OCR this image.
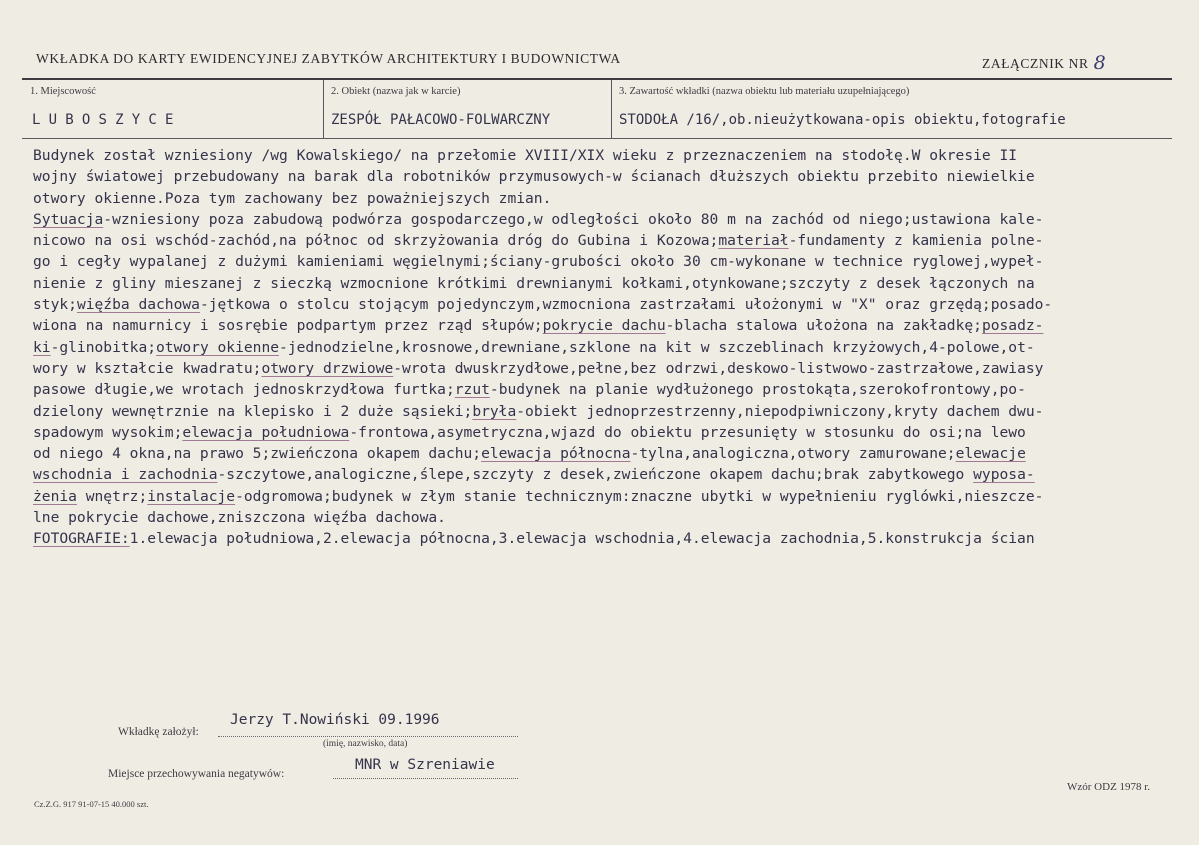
WKŁADKA DO KARTY EWIDENCYJNEJ ZABYTKÓW ARCHITEKTURY I BUDOWNICTWA	ZAŁĄCZNIK NR 8
1. Miejscowość
LUBOSZYCE
2. Obiekt (nazwa jak w karcie)
ZESPÓŁ PAŁACOWO-FOLWARCZNY
3. Zawartość wkładki (nazwa obiektu lub materiału uzupełniającego)
STODOŁA /16/,ob.nieużytkowana-opis obiektu,fotografie
Budynek został wzniesiony /wg Kowalskiego/ na przełomie XVIII/XIX wieku z przeznaczeniem na stodołę.W okresie II
wojny światowej przebudowany na barak dla robotników przymusowych-w ścianach dłuższych obiektu przebito niewielkie
otwory okienne.Poza tym zachowany bez poważniejszych zmian.
Sytuacja-wzniesiony poza zabudową podwórza gospodarczego,w odległości około 80 m na zachód od niego;ustawiona kale-
nicowo na osi wschód-zachód,na północ od skrzyżowania dróg do Gubina i Kozowa;materiał-fundamenty z kamienia polne-
go i cegły wypalanej z dużymi kamieniami węgielnymi;ściany-grubości około 30 cm-wykonane w technice ryglowej,wypeł-
nienie z gliny mieszanej z sieczką wzmocnione krótkimi drewnianymi kołkami,otynkowane;szczyty z desek łączonych na
styk;więźba dachowa-jętkowa o stolcu stojącym pojedynczym,wzmocniona zastrzałami ułożonymi w "X" oraz grzędą;posado-
wiona na namurnicy i sosrębie podpartym przez rząd słupów;pokrycie dachu-blacha stalowa ułożona na zakładkę;posadz-
ki-glinobitka;otwory okienne-jednodzielne,krosnowe,drewniane,szklone na kit w szczeblinach krzyżowych,4-polowe,ot-
wory w kształcie kwadratu;otwory drzwiowe-wrota dwuskrzydłowe,pełne,bez odrzwi,deskowo-listwowo-zastrzałowe,zawiasy
pasowe długie,we wrotach jednoskrzydłowa furtka;rzut-budynek na planie wydłużonego prostokąta,szerokofrontowy,po-
dzielony wewnętrznie na klepisko i 2 duże sąsieki;bryła-obiekt jednoprzestrzenny,niepodpiwniczony,kryty dachem dwu-
spadowym wysokim;elewacja południowa-frontowa,asymetryczna,wjazd do obiektu przesunięty w stosunku do osi;na lewo
od niego 4 okna,na prawo 5;zwieńczona okapem dachu;elewacja północna-tylna,analogiczna,otwory zamurowane;elewacje
wschodnia i zachodnia-szczytowe,analogiczne,ślepe,szczyty z desek,zwieńczone okapem dachu;brak zabytkowego wyposa-
żenia wnętrz;instalacje-odgromowa;budynek w złym stanie technicznym:znaczne ubytki w wypełnieniu ryglówki,nieszcze-
lne pokrycie dachowe,zniszczona więźba dachowa.
FOTOGRAFIE:1.elewacja południowa,2.elewacja północna,3.elewacja wschodnia,4.elewacja zachodnia,5.konstrukcja ścian
Wkładkę założył:
Jerzy T.Nowiński 09.1996
(imię, nazwisko, data)
Miejsce przechowywania negatywów:
MNR w Szreniawie
Wzór ODZ 1978 r.
Cz.Z.G. 917 91-07-15 40.000 szt.
